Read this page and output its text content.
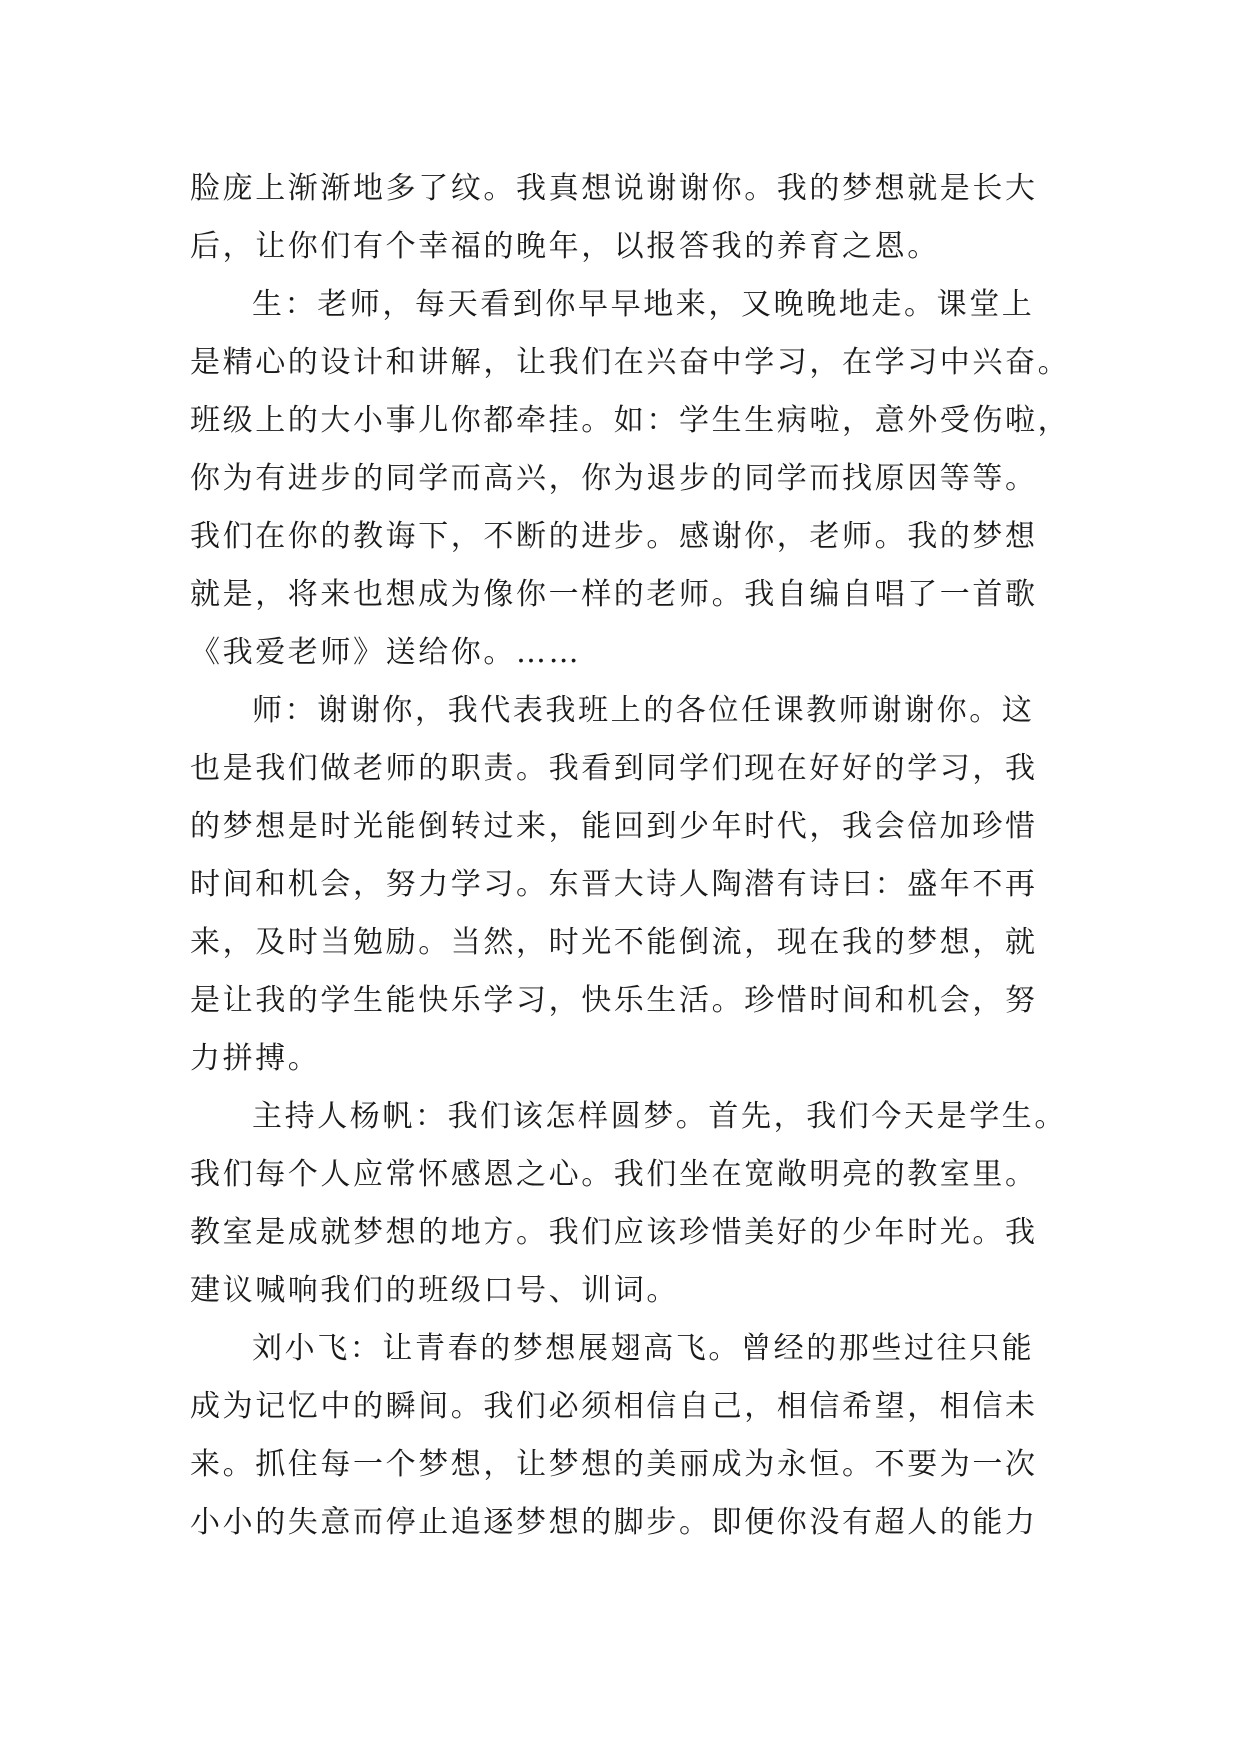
脸庞上渐渐地多了纹。我真想说谢谢你。我的梦想就是长大
后，让你们有个幸福的晚年，以报答我的养育之恩。
生：老师，每天看到你早早地来，又晚晚地走。课堂上
是精心的设计和讲解，让我们在兴奋中学习，在学习中兴奋。
班级上的大小事儿你都牵挂。如：学生生病啦，意外受伤啦，
你为有进步的同学而高兴，你为退步的同学而找原因等等。
我们在你的教诲下，不断的进步。感谢你，老师。我的梦想
就是，将来也想成为像你一样的老师。我自编自唱了一首歌
《我爱老师》送给你。……
师：谢谢你，我代表我班上的各位任课教师谢谢你。这
也是我们做老师的职责。我看到同学们现在好好的学习，我
的梦想是时光能倒转过来，能回到少年时代，我会倍加珍惜
时间和机会，努力学习。东晋大诗人陶潜有诗曰：盛年不再
来，及时当勉励。当然，时光不能倒流，现在我的梦想，就
是让我的学生能快乐学习，快乐生活。珍惜时间和机会，努
力拼搏。
主持人杨帆：我们该怎样圆梦。首先，我们今天是学生。
我们每个人应常怀感恩之心。我们坐在宽敞明亮的教室里。
教室是成就梦想的地方。我们应该珍惜美好的少年时光。我
建议喊响我们的班级口号、训词。
刘小飞：让青春的梦想展翅高飞。曾经的那些过往只能
成为记忆中的瞬间。我们必须相信自己，相信希望，相信未
来。抓住每一个梦想，让梦想的美丽成为永恒。不要为一次
小小的失意而停止追逐梦想的脚步。即便你没有超人的能力
